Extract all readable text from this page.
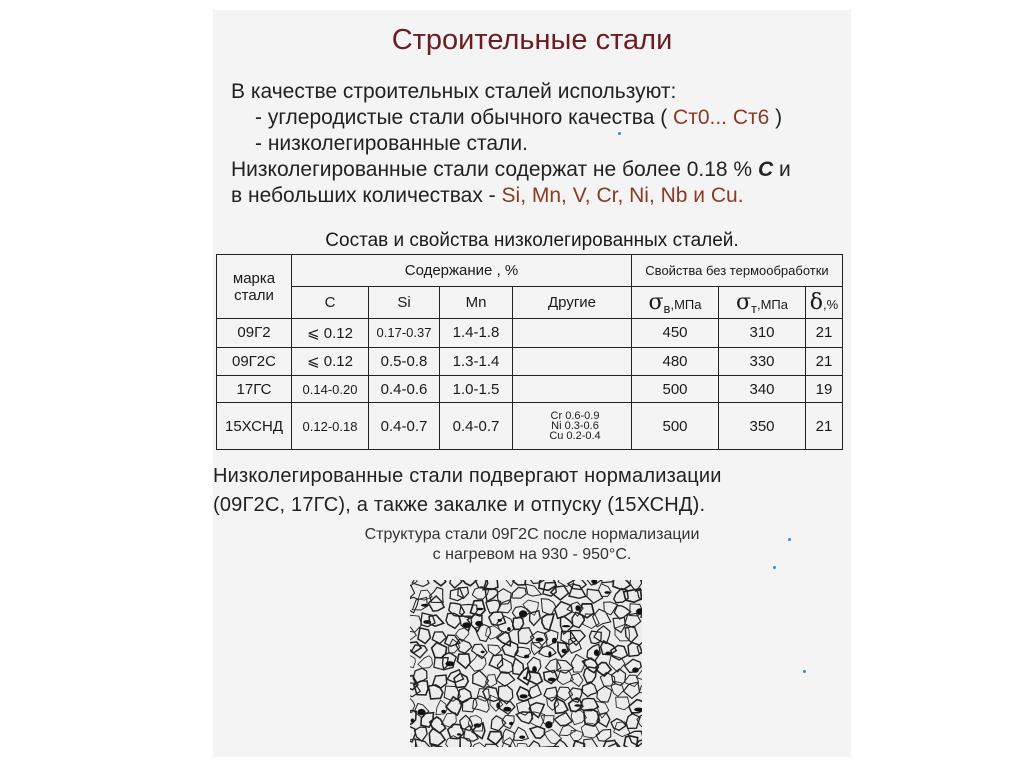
Строительные стали
В качестве строительных сталей используют:
- углеродистые стали обычного качества ( Ст0... Ст6 )
- низколегированные стали.
Низколегированные стали содержат не более 0.18 % С и
в небольших количествах - Si, Mn, V, Cr, Ni, Nb и Cu.
Состав и свойства низколегированных сталей.
марка стали	Содержание , %				Свойства без термообработки		
	С	Si	Mn	Другие	$\sigma_в,МПа$	$\sigma_т,МПа$	δ,%
09Г2	⩽ 0.12	0.17-0.37	1.4-1.8		450	310	21
09Г2С	⩽ 0.12	0.5-0.8	1.3-1.4		480	330	21
17ГС	0.14-0.20	0.4-0.6	1.0-1.5		500	340	19
15ХСНД	0.12-0.18	0.4-0.7	0.4-0.7	Cr 0.6-0.9
Ni 0.3-0.6
Cu 0.2-0.4	500	350	21
Низколегированные стали подвергают нормализации
(09Г2С, 17ГС), а также закалке и отпуску (15ХСНД).
Структура стали 09Г2С после нормализации
с нагревом на 930 - 950°С.
